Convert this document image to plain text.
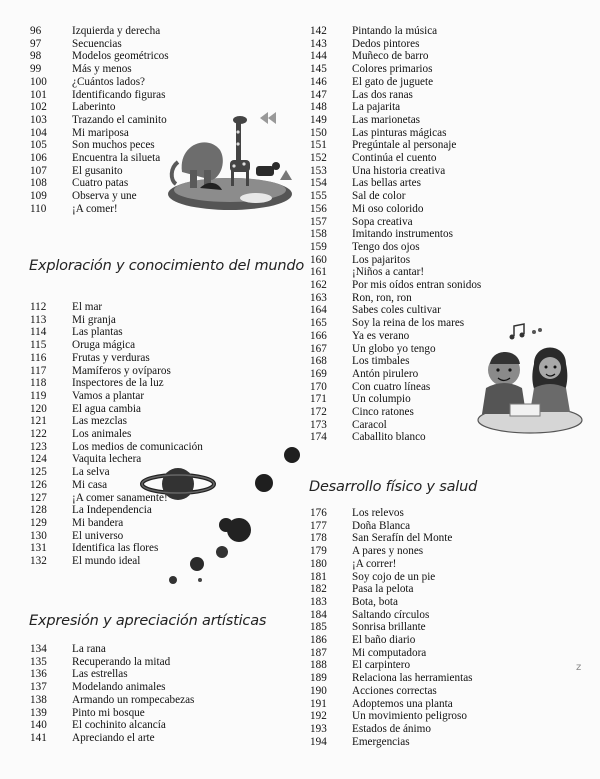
96	Izquierda y derecha
97	Secuencias
98	Modelos geométricos
99	Más y menos
100 ¿Cuántos lados?
101 Identificando figuras
102 Laberinto
103 Trazando el caminito
104 Mi mariposa
105 Son muchos peces
106 Encuentra la silueta
107 El gusanito
108 Cuatro patas
109 Observa y une
110 ¡A comer!
Exploración y conocimiento del mundo
112 El mar
113 Mi granja
114 Las plantas
115 Oruga mágica
116 Frutas y verduras
117 Mamíferos y ovíparos
118 Inspectores de la luz
119 Vamos a plantar
120 El agua cambia
121 Las mezclas
122 Los animales
123 Los medios de comunicación
124 Vaquita lechera
125 La selva
126 Mi casa
127 ¡A comer sanamente!
128 La Independencia
129 Mi bandera
130 El universo
131 Identifica las flores
132 El mundo ideal
Expresión y apreciación artísticas
134 La rana
135 Recuperando la mitad
136 Las estrellas
137 Modelando animales
138 Armando un rompecabezas
139 Pinto mi bosque
140 El cochinito alcancía
141 Apreciando el arte
142 Pintando la música
143 Dedos pintores
144 Muñeco de barro
145 Colores primarios
146 El gato de juguete
147 Las dos ranas
148 La pajarita
149 Las marionetas
150 Las pinturas mágicas
151 Pregúntale al personaje
152 Continúa el cuento
153 Una historia creativa
154 Las bellas artes
155 Sal de color
156 Mi oso colorido
157 Sopa creativa
158 Imitando instrumentos
159 Tengo dos ojos
160 Los pajaritos
161 ¡Niños a cantar!
162 Por mis oídos entran sonidos
163 Ron, ron, ron
164 Sabes coles cultivar
165 Soy la reina de los mares
166 Ya es verano
167 Un globo yo tengo
168 Los timbales
169 Antón pirulero
170 Con cuatro líneas
171 Un columpio
172 Cinco ratones
173 Caracol
174 Caballito blanco
Desarrollo físico y salud
176 Los relevos
177 Doña Blanca
178 San Serafín del Monte
179 A pares y nones
180 ¡A correr!
181 Soy cojo de un pie
182 Pasa la pelota
183 Bota, bota
184 Saltando círculos
185 Sonrisa brillante
186 El baño diario
187 Mi computadora
188 El carpintero
189 Relaciona las herramientas
190 Acciones correctas
191 Adoptemos una planta
192 Un movimiento peligroso
193 Estados de ánimo
194 Emergencias
z
